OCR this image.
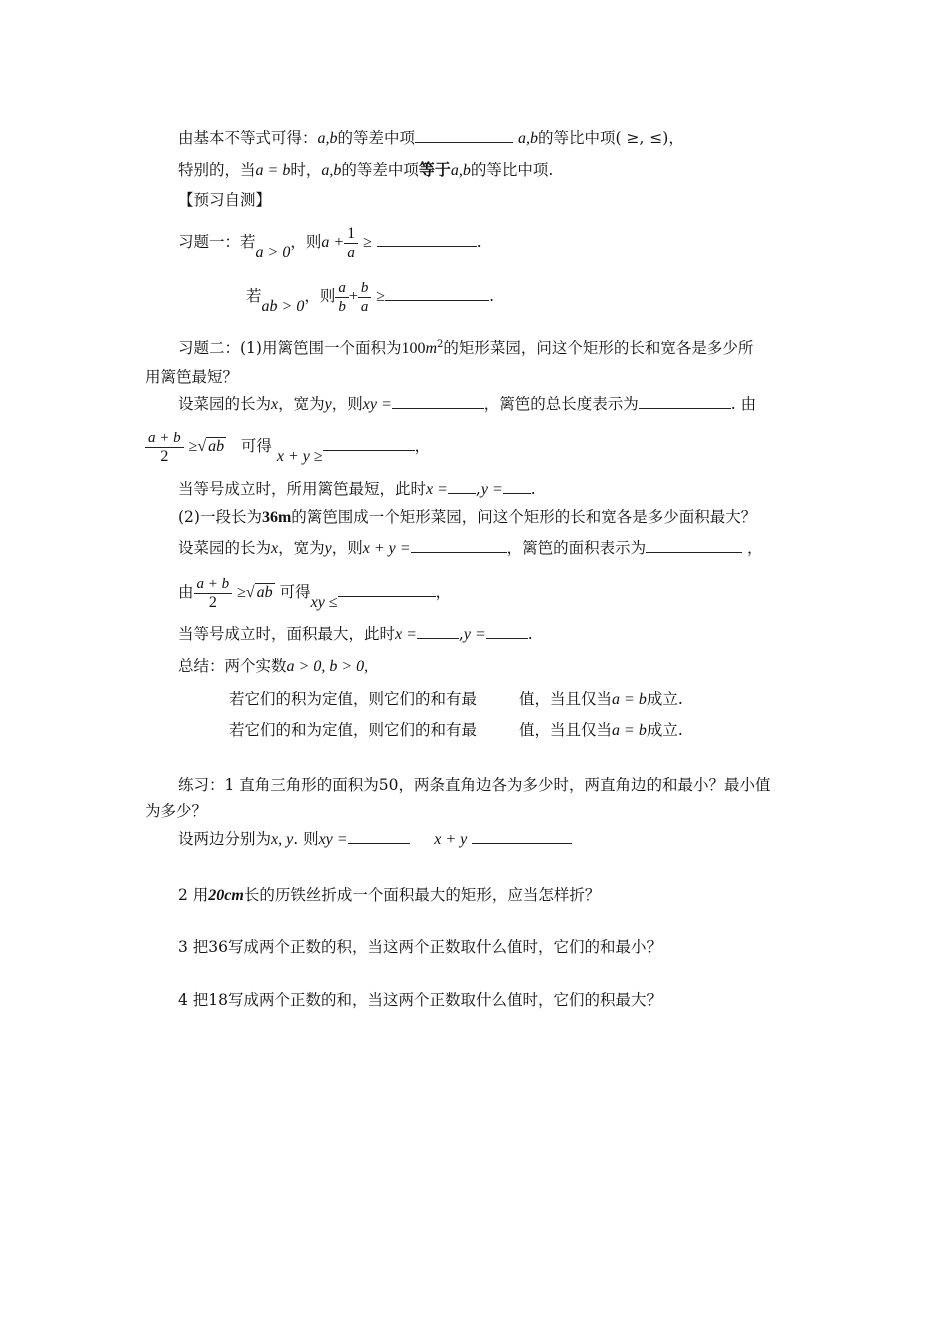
由基本不等式可得：a,b的等差中项	a,b的等比中项( ≥, ≤)，
特别的，当a = b时，a,b的等差中项等于a,b的等比中项.
【预习自测】
习题一：若a > 0，则$a + \frac{1}{a}$ ≥	.
若ab > 0，则 $\frac{a}{b} + \frac{b}{a}$ ≥	.
习题二：(1)用篱笆围一个面积为$100m^2$的矩形菜园，问这个矩形的长和宽各是多少所
用篱笆最短？
设菜园的长为x，宽为y，则xy =	，篱笆的总长度表示为	. 由
$\frac{a + b}{2}$ ≥√ ab 可得 x + y ≥，
当等号成立时，所用篱笆最短，此时x = ,y = .
(2)一段长为36m的篱笆围成一个矩形菜园，问这个矩形的长和宽各是多少面积最大？
设菜园的长为x，宽为y，则x + y =	，篱笆的面积表示为	，
由 $\frac{a + b}{2}$ ≥√ ab 可得xy ≤，
当等号成立时，面积最大，此时x =	,y =	.
总结：两个实数a > 0, b > 0,
若它们的积为定值，则它们的和有最	值，当且仅当a = b成立.
若它们的和为定值，则它们的和有最	值，当且仅当a = b成立.
练习：1 直角三角形的面积为50，两条直角边各为多少时，两直角边的和最小？最小值
为多少？
设两边分别为x, y. 则xy =	x + y
2 用20cm长的历铁丝折成一个面积最大的矩形，应当怎样折？
3 把36写成两个正数的积，当这两个正数取什么值时，它们的和最小？
4 把18写成两个正数的和，当这两个正数取什么值时，它们的积最大？
